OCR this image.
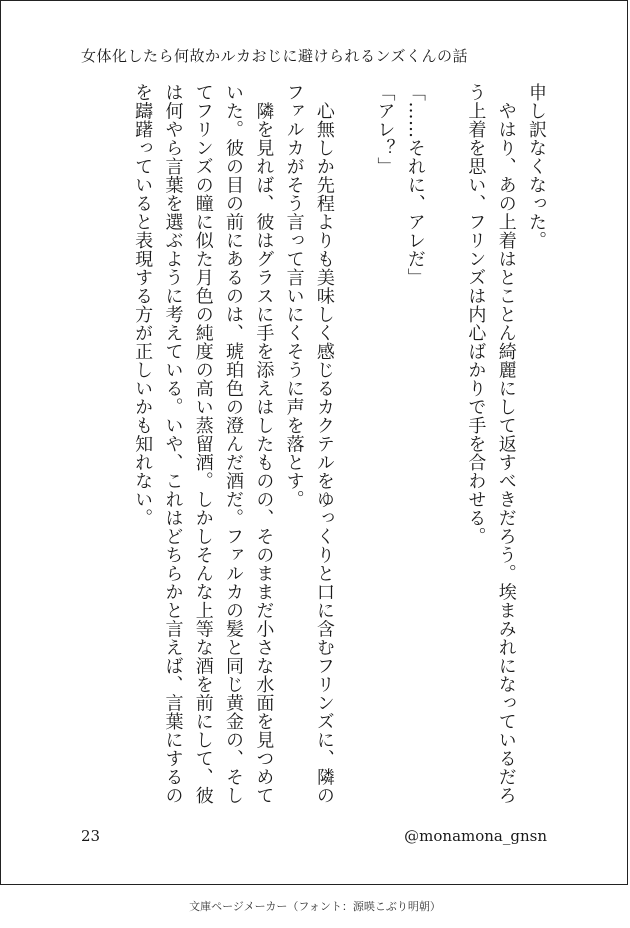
女体化したら何故かルカおじに避けられるンズくんの話

申し訳なくなった。

　やはり、あの上着はとことん綺麗にして返すべきだろう。埃まみれになっているだろう上着を思い、フリンズは内心ばかりで手を合わせる。

「……それに、アレだ」

「アレ？」

　心無しか先程よりも美味しく感じるカクテルをゆっくりと口に含むフリンズに、隣のファルカがそう言って言いにくそうに声を落とす。

　隣を見れば、彼はグラスに手を添えはしたものの、そのままだ小さな水面を見つめていた。彼の目の前にあるのは、琥珀色の澄んだ酒だ。ファルカの髪と同じ黄金の、そしてフリンズの瞳に似た月色の純度の高い蒸留酒。しかしそんな上等な酒を前にして、彼は何やら言葉を選ぶように考えている。いや、これはどちらかと言えば、言葉にするのを躊躇っていると表現する方が正しいかも知れない。

23	@monamona_gnsn
文庫ページメーカー（フォント：源暎こぶり明朝）
